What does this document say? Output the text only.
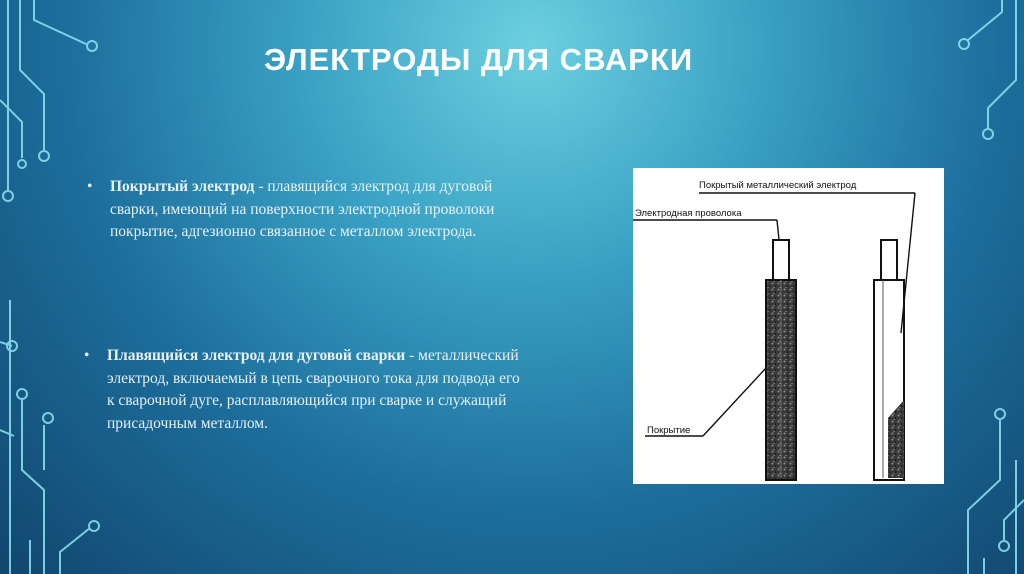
ЭЛЕКТРОДЫ ДЛЯ СВАРКИ
• Покрытый электрод - плавящийся электрод для дуговой сварки, имеющий на поверхности электродной проволоки покрытие, адгезионно связанное с металлом электрода.
• Плавящийся электрод для дуговой сварки - металлический электрод, включаемый в цепь сварочного тока для подвода его к сварочной дуге, расплавляющийся при сварке и служащий присадочным металлом.
Покрытый металлический электрод
Электродная проволока
Покрытие
